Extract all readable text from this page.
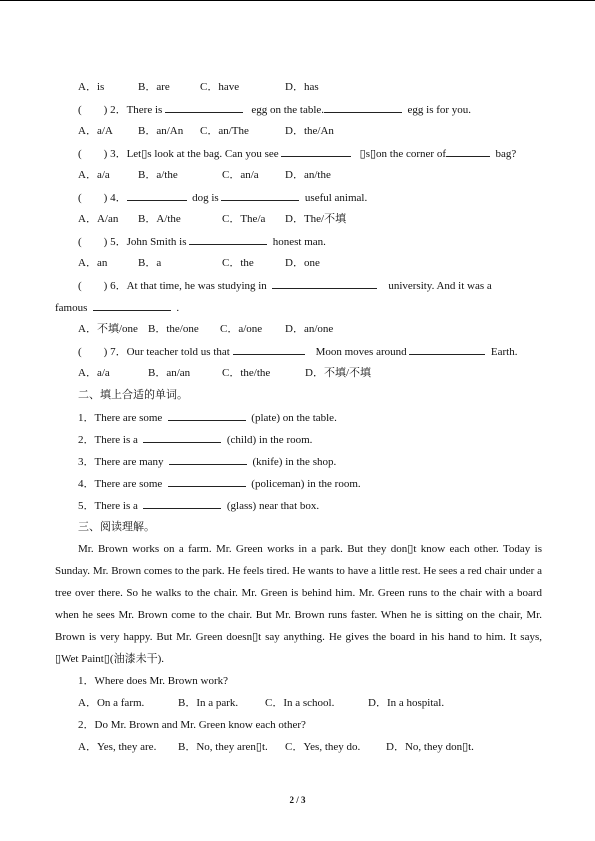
A．is	B．are	C．have	D．has
(　　) 2．There is	egg on the table.	egg is for you.
A．a/A B．an/An C．an/The	D．the/An
(　　) 3．Let▯s look at the bag. Can you see	▯s▯on the corner of	bag?
A．a/a	B．a/the	C．an/a D．an/the
(　　) 4．	dog is	useful animal.
A．A/an B．A/the	C．The/a D．The/不填
(　　) 5．John Smith is	honest man.
A．an	B．a	C．the	D．one
(　　) 6．At that time, he was studying in	university. And it was a
famous	.
A．不填/one B．the/one C．a/one D．an/one
(　　) 7．Our teacher told us that	Moon moves around	Earth.
A．a/a	B．an/an	C．the/the	D．不填/不填
二、填上合适的单词。
1．There are some	(plate) on the table.
2．There is a	(child) in the room.
3．There are many	(knife) in the shop.
4．There are some	(policeman) in the room.
5．There is a	(glass) near that box.
三、阅读理解。
Mr. Brown works on a farm. Mr. Green works in a park. But they don▯t know each other. Today is Sunday. Mr. Brown comes to the park. He feels tired. He wants to have a little rest. He sees a red chair under a tree over there. So he walks to the chair. Mr. Green is behind him. Mr. Green runs to the chair with a board when he sees Mr. Brown come to the chair. But Mr. Brown runs faster. When he is sitting on the chair, Mr. Brown is very happy. But Mr. Green doesn▯t say anything. He gives the board in his hand to him. It says, ▯Wet Paint▯(油漆未干).
1．Where does Mr. Brown work?
A．On a farm.	B．In a park. C．In a school.	D．In a hospital.
2．Do Mr. Brown and Mr. Green know each other?
A．Yes, they are. B．No, they aren▯t. C．Yes, they do. D．No, they don▯t.
2 / 3
